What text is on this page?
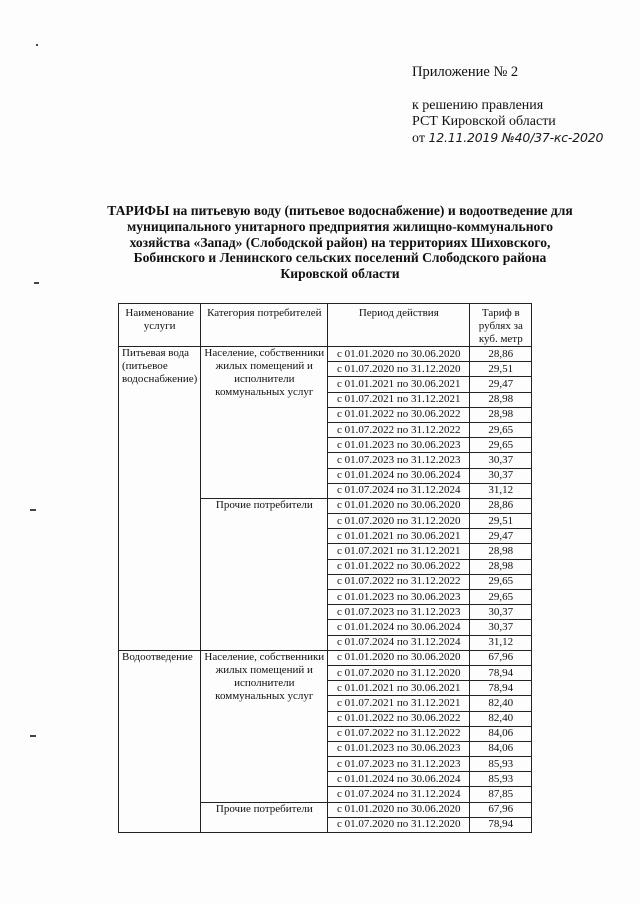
Приложение № 2
к решению правления
РСТ Кировской области
от 12.11.2019 №40/37-кс-2020
ТАРИФЫ на питьевую воду (питьевое водоснабжение) и водоотведение для муниципального унитарного предприятия жилищно-коммунального хозяйства «Запад» (Слободской район) на территориях Шиховского, Бобинского и Ленинского сельских поселений Слободского района Кировской области
Наименование услуги	Категория потребителей	Период действия	Тариф в рублях за куб. метр
Питьевая вода (питьевое водоснабжение)	Население, собственники жилых помещений и исполнители коммунальных услуг	с 01.01.2020 по 30.06.2020	28,86
		с 01.07.2020 по 31.12.2020	29,51
		с 01.01.2021 по 30.06.2021	29,47
		с 01.07.2021 по 31.12.2021	28,98
		с 01.01.2022 по 30.06.2022	28,98
		с 01.07.2022 по 31.12.2022	29,65
		с 01.01.2023 по 30.06.2023	29,65
		с 01.07.2023 по 31.12.2023	30,37
		с 01.01.2024 по 30.06.2024	30,37
		с 01.07.2024 по 31.12.2024	31,12
	Прочие потребители	с 01.01.2020 по 30.06.2020	28,86
		с 01.07.2020 по 31.12.2020	29,51
		с 01.01.2021 по 30.06.2021	29,47
		с 01.07.2021 по 31.12.2021	28,98
		с 01.01.2022 по 30.06.2022	28,98
		с 01.07.2022 по 31.12.2022	29,65
		с 01.01.2023 по 30.06.2023	29,65
		с 01.07.2023 по 31.12.2023	30,37
		с 01.01.2024 по 30.06.2024	30,37
		с 01.07.2024 по 31.12.2024	31,12
Водоотведение	Население, собственники жилых помещений и исполнители коммунальных услуг	с 01.01.2020 по 30.06.2020	67,96
		с 01.07.2020 по 31.12.2020	78,94
		с 01.01.2021 по 30.06.2021	78,94
		с 01.07.2021 по 31.12.2021	82,40
		с 01.01.2022 по 30.06.2022	82,40
		с 01.07.2022 по 31.12.2022	84,06
		с 01.01.2023 по 30.06.2023	84,06
		с 01.07.2023 по 31.12.2023	85,93
		с 01.01.2024 по 30.06.2024	85,93
		с 01.07.2024 по 31.12.2024	87,85
	Прочие потребители	с 01.01.2020 по 30.06.2020	67,96
		с 01.07.2020 по 31.12.2020	78,94
